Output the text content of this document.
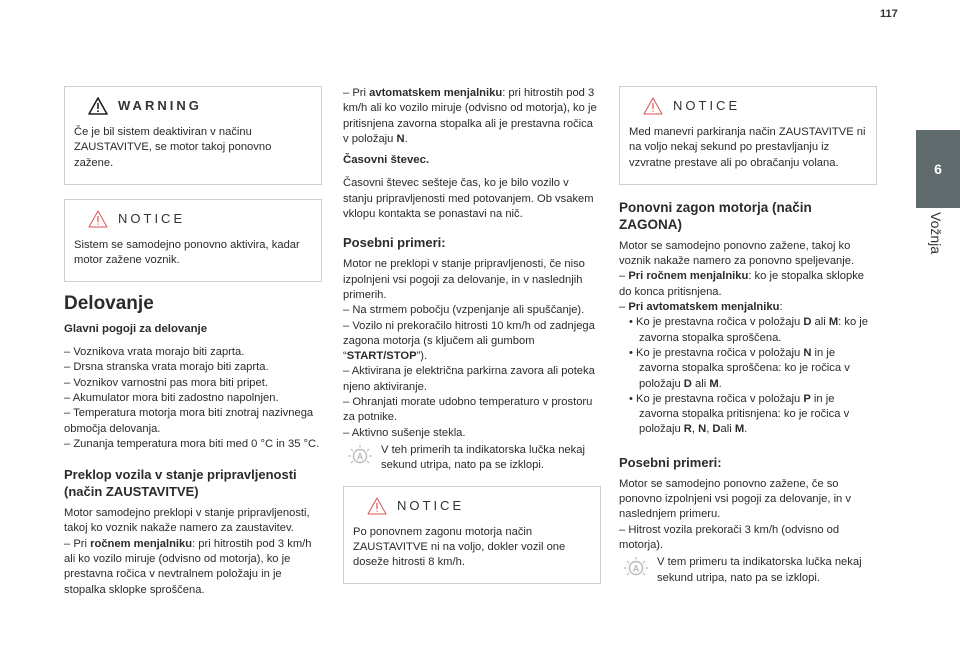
117
6
Vožnja
WARNING

Če je bil sistem deaktiviran v načinu ZAUSTAVITVE, se motor takoj ponovno zažene.

NOTICE

Sistem se samodejno ponovno aktivira, kadar motor zažene voznik.

Delovanje
Glavni pogoji za delovanje

– Voznikova vrata morajo biti zaprta.

– Drsna stranska vrata morajo biti zaprta.

– Voznikov varnostni pas mora biti pripet.

– Akumulator mora biti zadostno napolnjen.

– Temperatura motorja mora biti znotraj nazivnega območja delovanja.

– Zunanja temperatura mora biti med 0 °C in 35 °C.

Preklop vozila v stanje pripravljenosti (način ZAUSTAVITVE)

Motor samodejno preklopi v stanje pripravljenosti, takoj ko voznik nakaže namero za zaustavitev.

– Pri ročnem menjalniku: pri hitrostih pod 3 km/h ali ko vozilo miruje (odvisno od motorja), ko je prestavna ročica v nevtralnem položaju in je stopalka sklopke sproščena.

– Pri avtomatskem menjalniku: pri hitrostih pod 3 km/h ali ko vozilo miruje (odvisno od motorja), ko je pritisnjena zavorna stopalka ali je prestavna ročica v položaju N.

Časovni števec.

Časovni števec sešteje čas, ko je bilo vozilo v stanju pripravljenosti med potovanjem. Ob vsakem vklopu kontakta se ponastavi na nič.

Posebni primeri:

Motor ne preklopi v stanje pripravljenosti, če niso izpolnjeni vsi pogoji za delovanje, in v naslednjih primerih.

– Na strmem pobočju (vzpenjanje ali spuščanje).

– Vozilo ni prekoračilo hitrosti 10 km/h od zadnjega zagona motorja (s ključem ali gumbom “START/STOP”).

– Aktivirana je električna parkirna zavora ali poteka njeno aktiviranje.

– Ohranjati morate udobno temperaturo v prostoru za potnike.

– Aktivno sušenje stekla.

A
V teh primerih ta indikatorska lučka nekaj sekund utripa, nato pa se izklopi.
NOTICE

Po ponovnem zagonu motorja način ZAUSTAVITVE ni na voljo, dokler vozil one doseže hitrosti 8 km/h.

NOTICE

Med manevri parkiranja način ZAUSTAVITVE ni na voljo nekaj sekund po prestavljanju iz vzvratne prestave ali po obračanju volana.

Ponovni zagon motorja (način ZAGONA)

Motor se samodejno ponovno zažene, takoj ko voznik nakaže namero za ponovno speljevanje.

– Pri ročnem menjalniku: ko je stopalka sklopke do konca pritisnjena.

– Pri avtomatskem menjalniku:

• Ko je prestavna ročica v položaju D ali M: ko je zavorna stopalka sproščena.

• Ko je prestavna ročica v položaju N in je zavorna stopalka sproščena: ko je ročica v položaju D ali M.

• Ko je prestavna ročica v položaju P in je zavorna stopalka pritisnjena: ko je ročica v položaju R, N, Dali M.

Posebni primeri:

Motor se samodejno ponovno zažene, če so ponovno izpolnjeni vsi pogoji za delovanje, in v naslednjem primeru.

– Hitrost vozila prekorači 3 km/h (odvisno od motorja).

A
V tem primeru ta indikatorska lučka nekaj sekund utripa, nato pa se izklopi.
